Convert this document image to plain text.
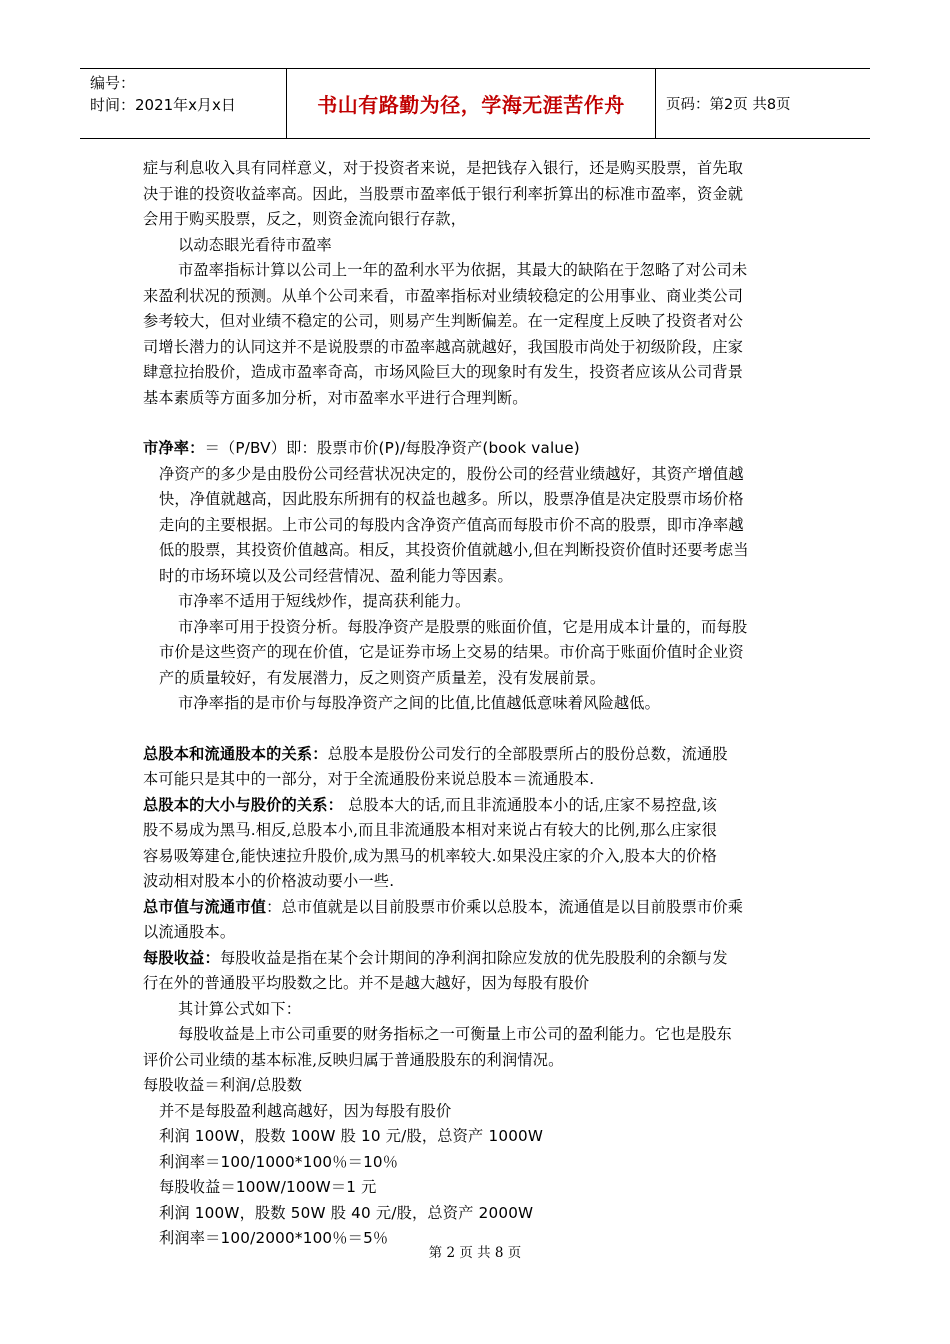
编号：
时间：2021年x月x日	书山有路勤为径，学海无涯苦作舟	页码：第2页 共8页
症与利息收入具有同样意义，对于投资者来说，是把钱存入银行，还是购买股票，首先取
决于谁的投资收益率高。因此，当股票市盈率低于银行利率折算出的标准市盈率，资金就
会用于购买股票，反之，则资金流向银行存款，
以动态眼光看待市盈率
市盈率指标计算以公司上一年的盈利水平为依据，其最大的缺陷在于忽略了对公司未
来盈利状况的预测。从单个公司来看，市盈率指标对业绩较稳定的公用事业、商业类公司
参考较大，但对业绩不稳定的公司，则易产生判断偏差。在一定程度上反映了投资者对公
司增长潜力的认同这并不是说股票的市盈率越高就越好，我国股市尚处于初级阶段，庄家
肆意拉抬股价，造成市盈率奇高，市场风险巨大的现象时有发生，投资者应该从公司背景
基本素质等方面多加分析，对市盈率水平进行合理判断。
市净率：＝（P/BV）即：股票市价(P)/每股净资产(book value)
净资产的多少是由股份公司经营状况决定的，股份公司的经营业绩越好，其资产增值越
快，净值就越高，因此股东所拥有的权益也越多。所以，股票净值是决定股票市场价格
走向的主要根据。上市公司的每股内含净资产值高而每股市价不高的股票，即市净率越
低的股票，其投资价值越高。相反，其投资价值就越小,但在判断投资价值时还要考虑当
时的市场环境以及公司经营情况、盈利能力等因素。
市净率不适用于短线炒作，提高获利能力。
市净率可用于投资分析。每股净资产是股票的账面价值，它是用成本计量的，而每股
市价是这些资产的现在价值，它是证券市场上交易的结果。市价高于账面价值时企业资
产的质量较好，有发展潜力，反之则资产质量差，没有发展前景。
市净率指的是市价与每股净资产之间的比值,比值越低意味着风险越低。
总股本和流通股本的关系：总股本是股份公司发行的全部股票所占的股份总数，流通股
本可能只是其中的一部分，对于全流通股份来说总股本＝流通股本.
总股本的大小与股价的关系： 总股本大的话,而且非流通股本小的话,庄家不易控盘,该
股不易成为黑马.相反,总股本小,而且非流通股本相对来说占有较大的比例,那么庄家很
容易吸筹建仓,能快速拉升股价,成为黑马的机率较大.如果没庄家的介入,股本大的价格
波动相对股本小的价格波动要小一些.
总市值与流通市值：总市值就是以目前股票市价乘以总股本，流通值是以目前股票市价乘
以流通股本。
每股收益：每股收益是指在某个会计期间的净利润扣除应发放的优先股股利的余额与发
行在外的普通股平均股数之比。并不是越大越好，因为每股有股价
其计算公式如下：
每股收益是上市公司重要的财务指标之一可衡量上市公司的盈利能力。它也是股东
评价公司业绩的基本标准,反映归属于普通股股东的利润情况。
每股收益＝利润/总股数
并不是每股盈利越高越好，因为每股有股价
利润 100W，股数 100W 股 10 元/股，总资产 1000W
利润率＝100/1000*100％＝10％
每股收益＝100W/100W＝1 元
利润 100W，股数 50W 股 40 元/股，总资产 2000W
利润率＝100/2000*100％＝5％
第 2 页 共 8 页
